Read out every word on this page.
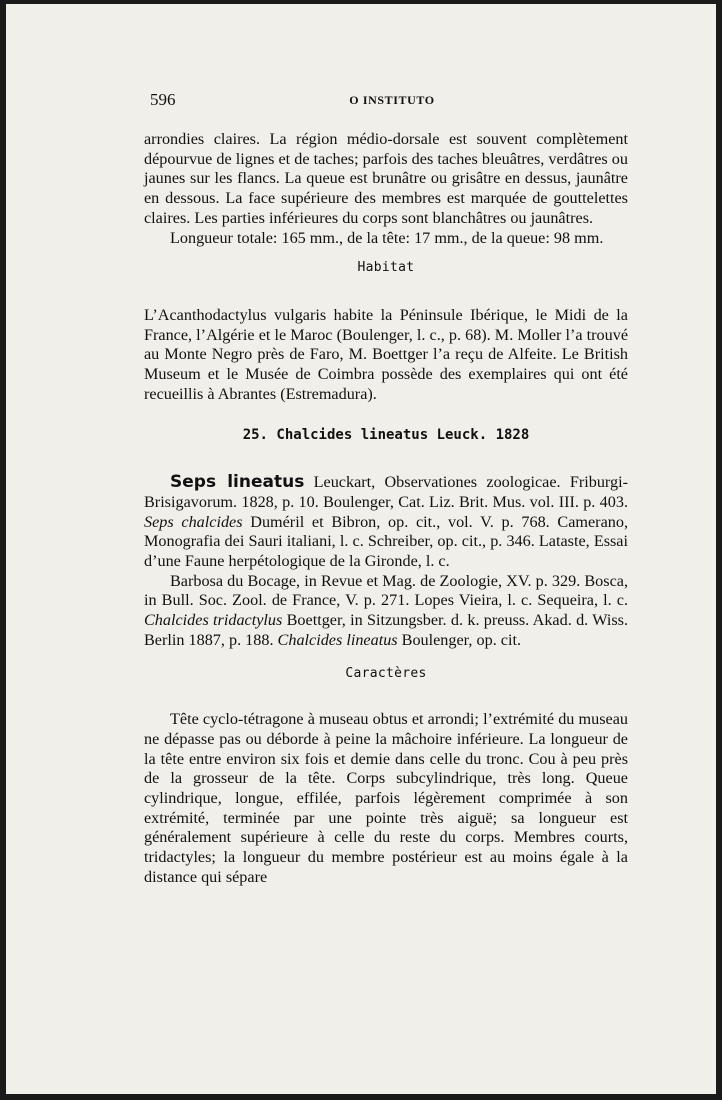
596	O INSTITUTO

arrondies claires. La région médio-dorsale est souvent complètement dépourvue de lignes et de taches; parfois des taches bleuâtres, verdâtres ou jaunes sur les flancs. La queue est brunâtre ou grisâtre en dessus, jaunâtre en dessous. La face supérieure des membres est marquée de gouttelettes claires. Les parties inférieures du corps sont blanchâtres ou jaunâtres.

Longueur totale: 165 mm., de la tête: 17 mm., de la queue: 98 mm.

Habitat

L’Acanthodactylus vulgaris habite la Péninsule Ibérique, le Midi de la France, l’Algérie et le Maroc (Boulenger, l. c., p. 68). M. Moller l’a trouvé au Monte Negro près de Faro, M. Boettger l’a reçu de Alfeite. Le British Museum et le Musée de Coimbra possède des exemplaires qui ont été recueillis à Abrantes (Estremadura).

25. Chalcides lineatus Leuck. 1828

Seps lineatus Leuckart, Observationes zoologicae. Friburgi-Brisigavorum. 1828, p. 10. Boulenger, Cat. Liz. Brit. Mus. vol. III. p. 403. Seps chalcides Duméril et Bibron, op. cit., vol. V. p. 768. Camerano, Monografia dei Sauri italiani, l. c. Schreiber, op. cit., p. 346. Lataste, Essai d’une Faune herpétologique de la Gironde, l. c.

Barbosa du Bocage, in Revue et Mag. de Zoologie, XV. p. 329. Bosca, in Bull. Soc. Zool. de France, V. p. 271. Lopes Vieira, l. c. Sequeira, l. c. Chalcides tridactylus Boettger, in Sitzungsber. d. k. preuss. Akad. d. Wiss. Berlin 1887, p. 188. Chalcides lineatus Boulenger, op. cit.

Caractères

Tête cyclo-tétragone à museau obtus et arrondi; l’extrémité du museau ne dépasse pas ou déborde à peine la mâchoire inférieure. La longueur de la tête entre environ six fois et demie dans celle du tronc. Cou à peu près de la grosseur de la tête. Corps subcylindrique, très long. Queue cylindrique, longue, effilée, parfois légèrement comprimée à son extrémité, terminée par une pointe très aiguë; sa longueur est généralement supérieure à celle du reste du corps. Membres courts, tridactyles; la longueur du membre postérieur est au moins égale à la distance qui sépare
